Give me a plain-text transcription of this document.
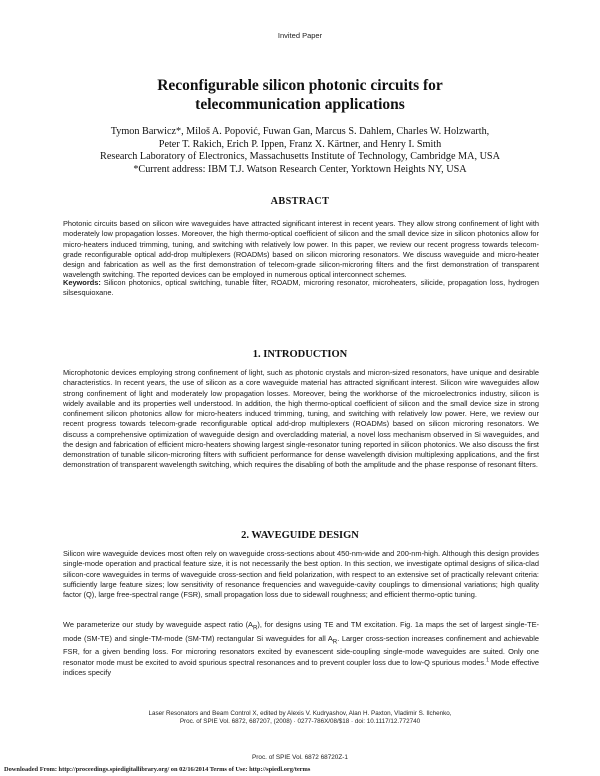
Invited Paper
Reconfigurable silicon photonic circuits for
telecommunication applications
Tymon Barwicz*, Miloš A. Popović, Fuwan Gan, Marcus S. Dahlem, Charles W. Holzwarth,
Peter T. Rakich, Erich P. Ippen, Franz X. Kärtner, and Henry I. Smith
Research Laboratory of Electronics, Massachusetts Institute of Technology, Cambridge MA, USA
*Current address: IBM T.J. Watson Research Center, Yorktown Heights NY, USA
ABSTRACT
Photonic circuits based on silicon wire waveguides have attracted significant interest in recent years. They allow strong confinement of light with moderately low propagation losses. Moreover, the high thermo-optical coefficient of silicon and the small device size in silicon photonics allow for micro-heaters induced trimming, tuning, and switching with relatively low power. In this paper, we review our recent progress towards telecom-grade reconfigurable optical add-drop multiplexers (ROADMs) based on silicon microring resonators. We discuss waveguide and micro-heater design and fabrication as well as the first demonstration of telecom-grade silicon-microring filters and the first demonstration of transparent wavelength switching. The reported devices can be employed in numerous optical interconnect schemes.
Keywords: Silicon photonics, optical switching, tunable filter, ROADM, microring resonator, microheaters, silicide, propagation loss, hydrogen silsesquioxane.
1. INTRODUCTION
Microphotonic devices employing strong confinement of light, such as photonic crystals and micron-sized resonators, have unique and desirable characteristics. In recent years, the use of silicon as a core waveguide material has attracted significant interest. Silicon wire waveguides allow strong confinement of light and moderately low propagation losses. Moreover, being the workhorse of the microelectronics industry, silicon is widely available and its properties well understood. In addition, the high thermo-optical coefficient of silicon and the small device size in strong confinement silicon photonics allow for micro-heaters induced trimming, tuning, and switching with relatively low power. Here, we review our recent progress towards telecom-grade reconfigurable optical add-drop multiplexers (ROADMs) based on silicon microring resonators. We discuss a comprehensive optimization of waveguide design and overcladding material, a novel loss mechanism observed in Si waveguides, and the design and fabrication of efficient micro-heaters showing largest single-resonator tuning reported in silicon photonics. We also discuss the first demonstration of tunable silicon-microring filters with sufficient performance for dense wavelength division multiplexing applications, and the first demonstration of transparent wavelength switching, which requires the disabling of both the amplitude and the phase response of resonant filters.
2. WAVEGUIDE DESIGN
Silicon wire waveguide devices most often rely on waveguide cross-sections about 450-nm-wide and 200-nm-high. Although this design provides single-mode operation and practical feature size, it is not necessarily the best option. In this section, we investigate optimal designs of silica-clad silicon-core waveguides in terms of waveguide cross-section and field polarization, with respect to an extensive set of practically relevant criteria: sufficiently large feature sizes; low sensitivity of resonance frequencies and waveguide-cavity couplings to dimensional variations; high quality factor (Q), large free-spectral range (FSR), small propagation loss due to sidewall roughness; and efficient thermo-optic tuning.
We parameterize our study by waveguide aspect ratio $(A_R)$, for designs using TE and TM excitation. Fig. 1a maps the set of largest single-TE-mode (SM-TE) and single-TM-mode (SM-TM) rectangular Si waveguides for all $A_R$. Larger cross-section increases confinement and achievable FSR, for a given bending loss. For microring resonators excited by evanescent side-coupling single-mode waveguides are suited. Only one resonator mode must be excited to avoid spurious spectral resonances and to prevent coupler loss due to low-Q spurious modes.$^1$ Mode effective indices specify
Laser Resonators and Beam Control X, edited by Alexis V. Kudryashov, Alan H. Paxton, Vladimir S. Ilchenko,
Proc. of SPIE Vol. 6872, 687207, (2008) · 0277-786X/08/$18 · doi: 10.1117/12.772740
Proc. of SPIE Vol. 6872 68720Z-1
Downloaded From: http://proceedings.spiedigitallibrary.org/ on 02/16/2014 Terms of Use: http://spiedl.org/terms
